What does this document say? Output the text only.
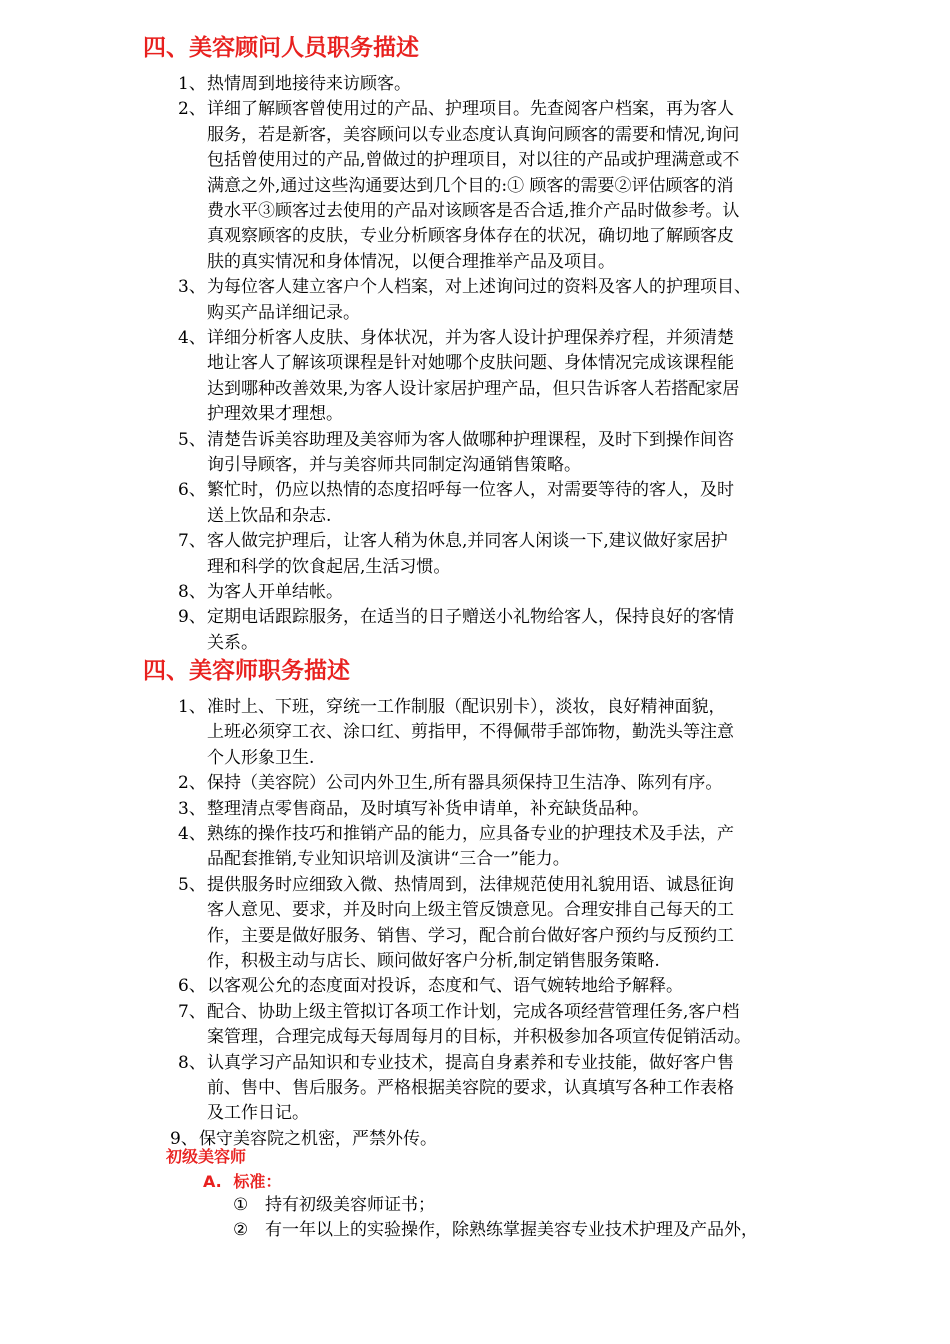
四、美容顾问人员职务描述
1、 热情周到地接待来访顾客。
2、 详细了解顾客曾使用过的产品、护理项目。先查阅客户档案，再为客人
服务，若是新客，美容顾问以专业态度认真询问顾客的需要和情况,询问
包括曾使用过的产品,曾做过的护理项目，对以往的产品或护理满意或不
满意之外,通过这些沟通要达到几个目的:① 顾客的需要②评估顾客的消
费水平③顾客过去使用的产品对该顾客是否合适,推介产品时做参考。认
真观察顾客的皮肤，专业分析顾客身体存在的状况，确切地了解顾客皮
肤的真实情况和身体情况，以便合理推举产品及项目。
3、 为每位客人建立客户个人档案，对上述询问过的资料及客人的护理项目、
购买产品详细记录。
4、 详细分析客人皮肤、身体状况，并为客人设计护理保养疗程，并须清楚
地让客人了解该项课程是针对她哪个皮肤问题、身体情况完成该课程能
达到哪种改善效果,为客人设计家居护理产品，但只告诉客人若搭配家居
护理效果才理想。
5、 清楚告诉美容助理及美容师为客人做哪种护理课程，及时下到操作间咨
询引导顾客，并与美容师共同制定沟通销售策略。
6、 繁忙时，仍应以热情的态度招呼每一位客人，对需要等待的客人，及时
送上饮品和杂志.
7、 客人做完护理后，让客人稍为休息,并同客人闲谈一下,建议做好家居护
理和科学的饮食起居,生活习惯。
8、 为客人开单结帐。
9、 定期电话跟踪服务，在适当的日子赠送小礼物给客人，保持良好的客情
关系。
四、美容师职务描述
1、 准时上、下班，穿统一工作制服（配识别卡），淡妆，良好精神面貌，
上班必须穿工衣、涂口红、剪指甲，不得佩带手部饰物，勤洗头等注意
个人形象卫生.
2、 保持（美容院）公司内外卫生,所有器具须保持卫生洁净、陈列有序。
3、 整理清点零售商品，及时填写补货申请单，补充缺货品种。
4、 熟练的操作技巧和推销产品的能力，应具备专业的护理技术及手法，产
品配套推销,专业知识培训及演讲“三合一”能力。
5、 提供服务时应细致入微、热情周到，法律规范使用礼貌用语、诚恳征询
客人意见、要求，并及时向上级主管反馈意见。合理安排自己每天的工
作，主要是做好服务、销售、学习，配合前台做好客户预约与反预约工
作，积极主动与店长、顾问做好客户分析,制定销售服务策略.
6、 以客观公允的态度面对投诉，态度和气、语气婉转地给予解释。
7、 配合、协助上级主管拟订各项工作计划，完成各项经营管理任务,客户档
案管理，合理完成每天每周每月的目标，并积极参加各项宣传促销活动。
8、 认真学习产品知识和专业技术，提高自身素养和专业技能，做好客户售
前、售中、售后服务。严格根据美容院的要求，认真填写各种工作表格
及工作日记。
9、 保守美容院之机密，严禁外传。
初级美容师
A. 标准：
① 持有初级美容师证书；
② 有一年以上的实验操作，除熟练掌握美容专业技术护理及产品外，
